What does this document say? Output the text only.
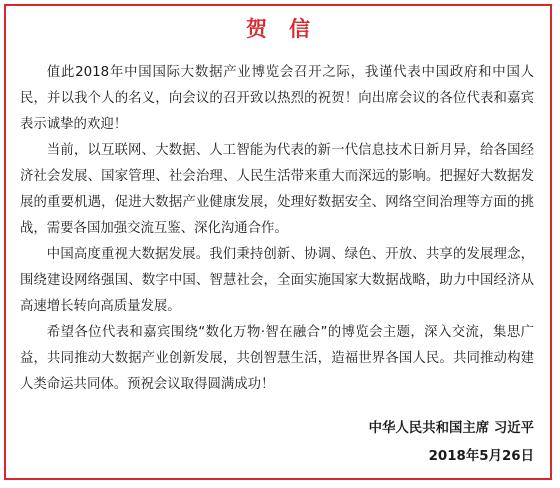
贺信

值此2018年中国国际大数据产业博览会召开之际，我谨代表中国政府和中国人民，并以我个人的名义，向会议的召开致以热烈的祝贺！向出席会议的各位代表和嘉宾表示诚挚的欢迎！

当前，以互联网、大数据、人工智能为代表的新一代信息技术日新月异，给各国经济社会发展、国家管理、社会治理、人民生活带来重大而深远的影响。把握好大数据发展的重要机遇，促进大数据产业健康发展，处理好数据安全、网络空间治理等方面的挑战，需要各国加强交流互鉴、深化沟通合作。

中国高度重视大数据发展。我们秉持创新、协调、绿色、开放、共享的发展理念，围绕建设网络强国、数字中国、智慧社会，全面实施国家大数据战略，助力中国经济从高速增长转向高质量发展。

希望各位代表和嘉宾围绕“数化万物·智在融合”的博览会主题，深入交流，集思广益，共同推动大数据产业创新发展，共创智慧生活，造福世界各国人民。共同推动构建人类命运共同体。预祝会议取得圆满成功！

中华人民共和国主席 习近平
2018年5月26日
